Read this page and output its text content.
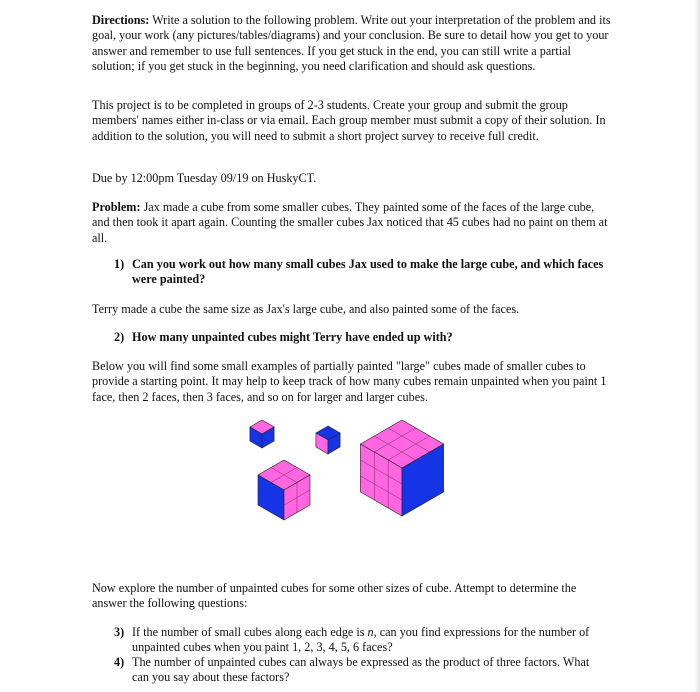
Directions: Write a solution to the following problem. Write out your interpretation of the problem and its goal, your work (any pictures/tables/diagrams) and your conclusion. Be sure to detail how you get to your answer and remember to use full sentences. If you get stuck in the end, you can still write a partial solution; if you get stuck in the beginning, you need clarification and should ask questions.
This project is to be completed in groups of 2-3 students. Create your group and submit the group members' names either in-class or via email. Each group member must submit a copy of their solution. In addition to the solution, you will need to submit a short project survey to receive full credit.
Due by 12:00pm Tuesday 09/19 on HuskyCT.
Problem: Jax made a cube from some smaller cubes. They painted some of the faces of the large cube, and then took it apart again. Counting the smaller cubes Jax noticed that 45 cubes had no paint on them at all.
1) Can you work out how many small cubes Jax used to make the large cube, and which faces were painted?
Terry made a cube the same size as Jax's large cube, and also painted some of the faces.
2) How many unpainted cubes might Terry have ended up with?
Below you will find some small examples of partially painted "large" cubes made of smaller cubes to provide a starting point. It may help to keep track of how many cubes remain unpainted when you paint 1 face, then 2 faces, then 3 faces, and so on for larger and larger cubes.
Now explore the number of unpainted cubes for some other sizes of cube. Attempt to determine the answer the following questions:
3) If the number of small cubes along each edge is n, can you find expressions for the number of unpainted cubes when you paint 1, 2, 3, 4, 5, 6 faces?
4) The number of unpainted cubes can always be expressed as the product of three factors. What can you say about these factors?
